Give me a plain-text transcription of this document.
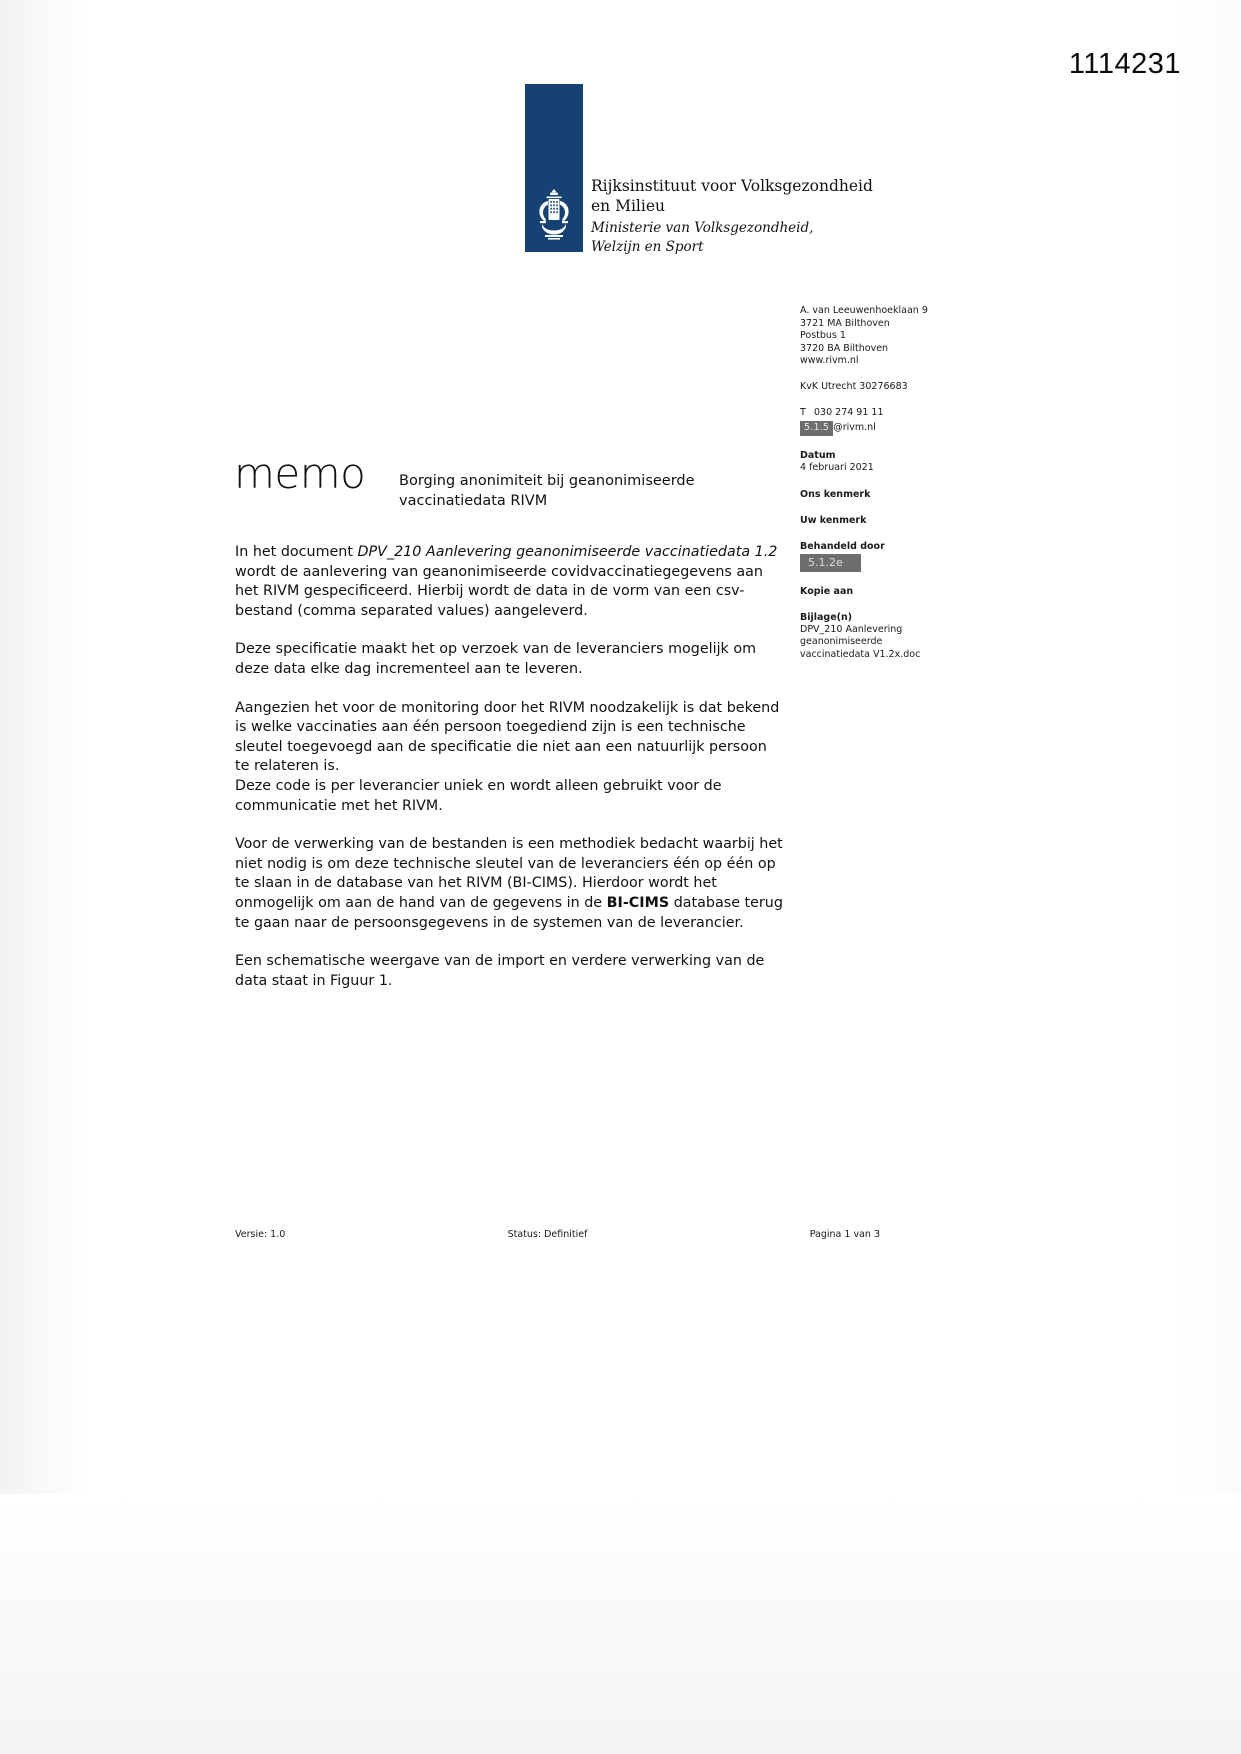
1114231
Rijksinstituut voor Volksgezondheid
en Milieu
Ministerie van Volksgezondheid,
Welzijn en Sport
A. van Leeuwenhoeklaan 9
3721 MA Bilthoven
Postbus 1
3720 BA Bilthoven
www.rivm.nl
KvK Utrecht 30276683
T 030 274 91 11
5.1.5 @rivm.nl
Datum
4 februari 2021
Ons kenmerk
Uw kenmerk
Behandeld door
5.1.2e
Kopie aan
Bijlage(n)
DPV_210 Aanlevering
geanonimiseerde
vaccinatiedata V1.2x.doc
memo Borging anonimiteit bij geanonimiseerde
vaccinatiedata RIVM

In het document DPV_210 Aanlevering geanonimiseerde vaccinatiedata 1.2 wordt de aanlevering van geanonimiseerde covidvaccinatiegegevens aan het RIVM gespecificeerd. Hierbij wordt de data in de vorm van een csv-bestand (comma separated values) aangeleverd.

Deze specificatie maakt het op verzoek van de leveranciers mogelijk om deze data elke dag incrementeel aan te leveren.

Aangezien het voor de monitoring door het RIVM noodzakelijk is dat bekend is welke vaccinaties aan één persoon toegediend zijn is een technische sleutel toegevoegd aan de specificatie die niet aan een natuurlijk persoon te relateren is.

Deze code is per leverancier uniek en wordt alleen gebruikt voor de communicatie met het RIVM.

Voor de verwerking van de bestanden is een methodiek bedacht waarbij het niet nodig is om deze technische sleutel van de leveranciers één op één op te slaan in de database van het RIVM (BI-CIMS). Hierdoor wordt het onmogelijk om aan de hand van de gegevens in de BI-CIMS database terug te gaan naar de persoonsgegevens in de systemen van de leverancier.

Een schematische weergave van de import en verdere verwerking van de data staat in Figuur 1.

Versie: 1.0	Status: Definitief	Pagina 1 van 3
